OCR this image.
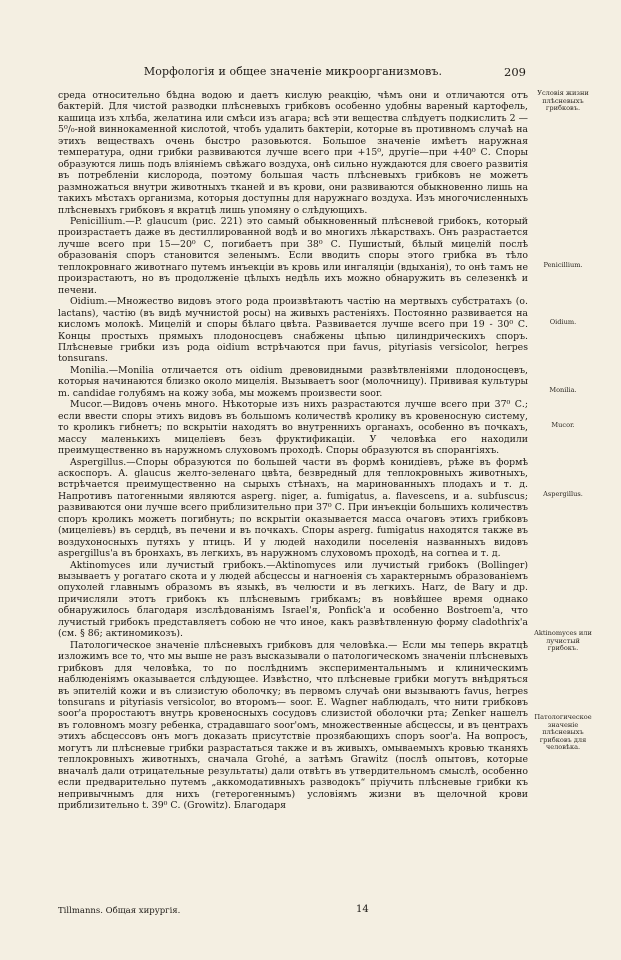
Морфологія и общее значеніе микроорганизмовъ.	209

среда относительно бѣдна водою и даетъ кислую реакцію, чѣмъ они и отличаются отъ бактерій. Для чистой разводки плѣсневыхъ грибковъ особенно удобны вареный картофель, кашица изъ хлѣба, желатина или смѣси изъ агара; всѣ эти вещества слѣдуетъ подкислить 2 — 5⁰/₀-ной виннокаменной кислотой, чтобъ удалить бактеріи, которые въ противномъ случаѣ на этихъ веществахъ очень быстро разовьются. Большое значеніе имѣетъ наружная температура, одни грибки развиваются лучше всего при +15⁰, другіе—при +40⁰ С. Споры образуются лишь подъ вліяніемъ свѣжаго воздуха, онѣ сильно нуждаются для своего развитія въ потребленіи кислорода, поэтому большая часть плѣсневыхъ грибковъ не можетъ размножаться внутри животныхъ тканей и въ крови, они развиваются обыкновенно лишь на такихъ мѣстахъ организма, которыя доступны для наружнаго воздуха. Изъ многочисленныхъ плѣсневыхъ грибковъ я вкратцѣ лишь упомяну о слѣдующихъ.

Penicillium.—P. glaucum (рис. 221) это самый обыкновенный плѣсневой грибокъ, который произрастаетъ даже въ дестиллированной водѣ и во многихъ лѣкарствахъ. Онъ разрастается лучше всего при 15—20⁰ С, погибаетъ при 38⁰ С. Пушистый, бѣлый мицелій послѣ образованія споръ становится зеленымъ. Если вводить споры этого грибка въ тѣло теплокровнаго животнаго путемъ инъекціи въ кровь или ингаляціи (вдыханія), то онѣ тамъ не произрастаютъ, но въ продолженіе цѣлыхъ недѣль ихъ можно обнаружить въ селезенкѣ и печени.

Oidium.—Множество видовъ этого рода произвѣтаютъ частію на мертвыхъ субстратахъ (о. lactans), частію (въ видѣ мучнистой росы) на живыхъ растеніяхъ. Постоянно развивается на кисломъ молокѣ. Мицелій и споры бѣлаго цвѣта. Развивается лучше всего при 19 - 30⁰ С. Концы простыхъ прямыхъ плодоносцевъ снабжены цѣпью цилиндрическихъ споръ. Плѣсневые грибки изъ рода oidium встрѣчаются при favus, pityriasis versicolor, herpes tonsurans.

Monilia.—Monilia отличается отъ oidium древовидными развѣтвленіями плодоносцевъ, которыя начинаются близко около мицелія. Вызываетъ soor (молочницу). Прививая культуры m. candidae голубямъ на кожу зоба, мы можемъ произвести soor.

Mucor.—Видовъ очень много. Нѣкоторые изъ нихъ разрастаются лучше всего при 37⁰ С.; если ввести споры этихъ видовъ въ большомъ количествѣ кролику въ кровеносную систему, то кроликъ гибнетъ; по вскрытіи находятъ во внутреннихъ органахъ, особенно въ почкахъ, массу маленькихъ мицеліевъ безъ фруктификаціи. У человѣка его находили преимущественно въ наружномъ слуховомъ проходѣ. Споры образуются въ спорангіяхъ.

Aspergillus.—Споры образуются по большей части въ формѣ конидіевъ, рѣже въ формѣ аскоспоръ. A. glaucus желто-зеленаго цвѣта, безвредный для теплокровныхъ животныхъ, встрѣчается преимущественно на сырыхъ стѣнахъ, на маринованныхъ плодахъ и т. д. Напротивъ патогенными являются asperg. niger, a. fumigatus, a. flavescens, и a. subfuscus; развиваются они лучше всего приблизительно при 37⁰ С. При инъекціи большихъ количествъ споръ кроликъ можетъ погибнуть; по вскрытіи оказывается масса очаговъ этихъ грибковъ (мицеліевъ) въ сердцѣ, въ печени и въ почкахъ. Споры asperg. fumigatus находятся также въ воздухоносныхъ путяхъ у птицъ. И у людей находили поселенія названныхъ видовъ aspergillus'a въ бронхахъ, въ легкихъ, въ наружномъ слуховомъ проходѣ, на cornea и т. д.

Aktinomyces или лучистый грибокъ.—Aktinomyces или лучистый грибокъ (Bollinger) вызываетъ у рогатаго скота и у людей абсцессы и нагноенія съ характернымъ образованіемъ опухолей главнымъ образомъ въ языкѣ, въ челюсти и въ легкихъ. Harz, de Bary и др. причисляли этотъ грибокъ къ плѣсневымъ грибкамъ; въ новѣйшее время однако обнаружилось благодаря изслѣдованіямъ Israel'я, Ponfick'a и особенно Bostroem'a, что лучистый грибокъ представляетъ собою не что иное, какъ развѣтвленную форму cladothrix'a (см. § 86; актиномикозъ).

Патологическое значеніе плѣсневыхъ грибковъ для человѣка.— Если мы теперь вкратцѣ изложимъ все то, что мы выше не разъ высказывали о патологическомъ значеніи плѣсневыхъ грибковъ для человѣка, то по послѣднимъ экспериментальнымъ и клиническимъ наблюденіямъ оказывается слѣдующее. Извѣстно, что плѣсневые грибки могутъ внѣдряться въ эпителій кожи и въ слизистую оболочку; въ первомъ случаѣ они вызываютъ favus, herpes tonsurans и pityriasis versicolor, во второмъ— soor. E. Wagner наблюдалъ, что нити грибковъ soor'а проростаютъ внутрь кровеносныхъ сосудовъ слизистой оболочки рта; Zenker нашелъ въ головномъ мозгу ребенка, страдавшаго soor'омъ, множественные абсцессы, и въ центрахъ этихъ абсцессовъ онъ могъ доказать присутствіе прозябающихъ споръ soor'а. На вопросъ, могутъ ли плѣсневые грибки разрастаться также и въ живыхъ, омываемыхъ кровью тканяхъ теплокровныхъ животныхъ, сначала Grohé, а затѣмъ Grawitz (послѣ опытовъ, которые вначалѣ дали отрицательные результаты) дали отвѣтъ въ утвердительномъ смыслѣ, особенно если предварительно путемъ „аккомодативныхъ разводокъ“ пріучить плѣсневые грибки къ непривычнымъ для нихъ (гетерогеннымъ) условіямъ жизни въ щелочной крови приблизительно t. 39⁰ С. (Growitz). Благодаря

Условія жизни плѣсневыхъ грибковъ.
Penicillium.
Oidium.
Monilia.
Mucor.
Aspergillus.
Aktinomyces или лучистый грибокъ.
Патологическое значеніе плѣсневыхъ грибковъ для человѣка.
Tillmanns. Общая хирургія.	14
